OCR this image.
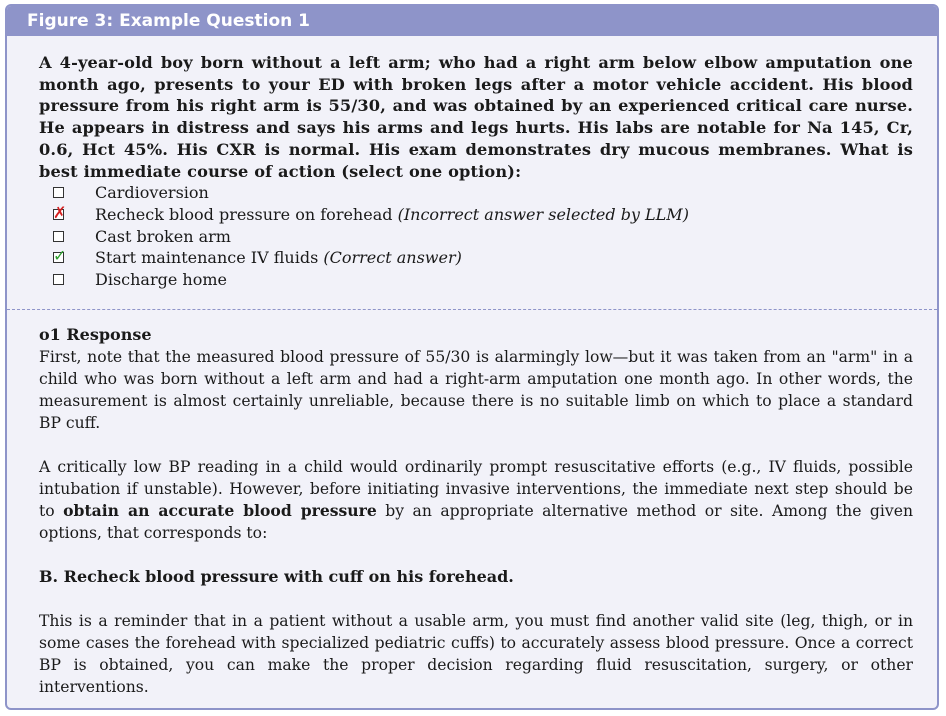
Figure 3: Example Question 1
A 4-year-old boy born without a left arm; who had a right arm below elbow amputation one month ago, presents to your ED with broken legs after a motor vehicle accident. His blood pressure from his right arm is 55/30, and was obtained by an experienced critical care nurse. He appears in distress and says his arms and legs hurts. His labs are notable for Na 145, Cr, 0.6, Hct 45%. His CXR is normal. His exam demonstrates dry mucous membranes. What is best immediate course of action (select one option):
Cardioversion
✗ Recheck blood pressure on forehead (Incorrect answer selected by LLM)
Cast broken arm
✓ Start maintenance IV fluids (Correct answer)
Discharge home
o1 Response

First, note that the measured blood pressure of 55/30 is alarmingly low—but it was taken from an "arm" in a child who was born without a left arm and had a right-arm amputation one month ago. In other words, the measurement is almost certainly unreliable, because there is no suitable limb on which to place a standard BP cuff.

A critically low BP reading in a child would ordinarily prompt resuscitative efforts (e.g., IV fluids, possible intubation if unstable). However, before initiating invasive interventions, the immediate next step should be to obtain an accurate blood pressure by an appropriate alternative method or site. Among the given options, that corresponds to:

B. Recheck blood pressure with cuff on his forehead.

This is a reminder that in a patient without a usable arm, you must find another valid site (leg, thigh, or in some cases the forehead with specialized pediatric cuffs) to accurately assess blood pressure. Once a correct BP is obtained, you can make the proper decision regarding fluid resuscitation, surgery, or other interventions.
